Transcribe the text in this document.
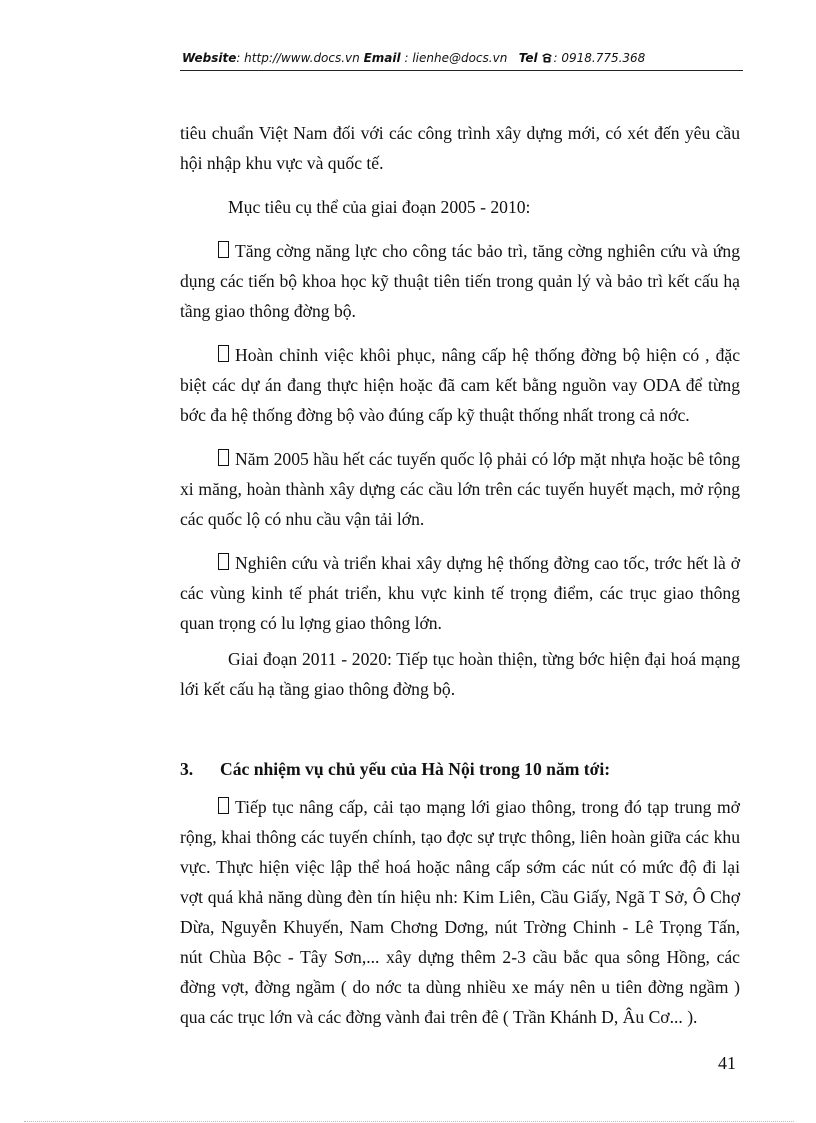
Website: http://www.docs.vn Email : lienhe@docs.vn Tel : 0918.775.368

tiêu chuẩn Việt Nam đối với các công trình xây dựng mới, có xét đến yêu cầu hội nhập khu vực và quốc tế.

Mục tiêu cụ thể của giai đoạn 2005 - 2010:

Tăng cờng năng lực cho công tác bảo trì, tăng cờng nghiên cứu và ứng dụng các tiến bộ khoa học kỹ thuật tiên tiến trong quản lý và bảo trì kết cấu hạ tầng giao thông đờng bộ.

Hoàn chỉnh việc khôi phục, nâng cấp hệ thống đờng bộ hiện có , đặc biệt các dự án đang thực hiện hoặc đã cam kết bằng nguồn vay ODA để từng bớc đa hệ thống đờng bộ vào đúng cấp kỹ thuật thống nhất trong cả nớc.

Năm 2005 hầu hết các tuyến quốc lộ phải có lớp mặt nhựa hoặc bê tông xi măng, hoàn thành xây dựng các cầu lớn trên các tuyến huyết mạch, mở rộng các quốc lộ có nhu cầu vận tải lớn.

Nghiên cứu và triển khai xây dựng hệ thống đờng cao tốc, trớc hết là ở các vùng kinh tế phát triển, khu vực kinh tế trọng điểm, các trục giao thông quan trọng có lu lợng giao thông lớn.

Giai đoạn 2011 - 2020: Tiếp tục hoàn thiện, từng bớc hiện đại hoá mạng lới kết cấu hạ tầng giao thông đờng bộ.

3. Các nhiệm vụ chủ yếu của Hà Nội trong 10 năm tới:

Tiếp tục nâng cấp, cải tạo mạng lới giao thông, trong đó tạp trung mở rộng, khai thông các tuyến chính, tạo đợc sự trực thông, liên hoàn giữa các khu vực. Thực hiện việc lập thể hoá hoặc nâng cấp sớm các nút có mức độ đi lại vợt quá khả năng dùng đèn tín hiệu nh: Kim Liên, Cầu Giấy, Ngã T Sở, Ô Chợ Dừa, Nguyễn Khuyến, Nam Chơng Dơng, nút Trờng Chinh - Lê Trọng Tấn, nút Chùa Bộc - Tây Sơn,... xây dựng thêm 2-3 cầu bắc qua sông Hồng, các đờng vợt, đờng ngầm ( do nớc ta dùng nhiều xe máy nên u tiên đờng ngầm ) qua các trục lớn và các đờng vành đai trên đê ( Trần Khánh D, Âu Cơ... ).

41
